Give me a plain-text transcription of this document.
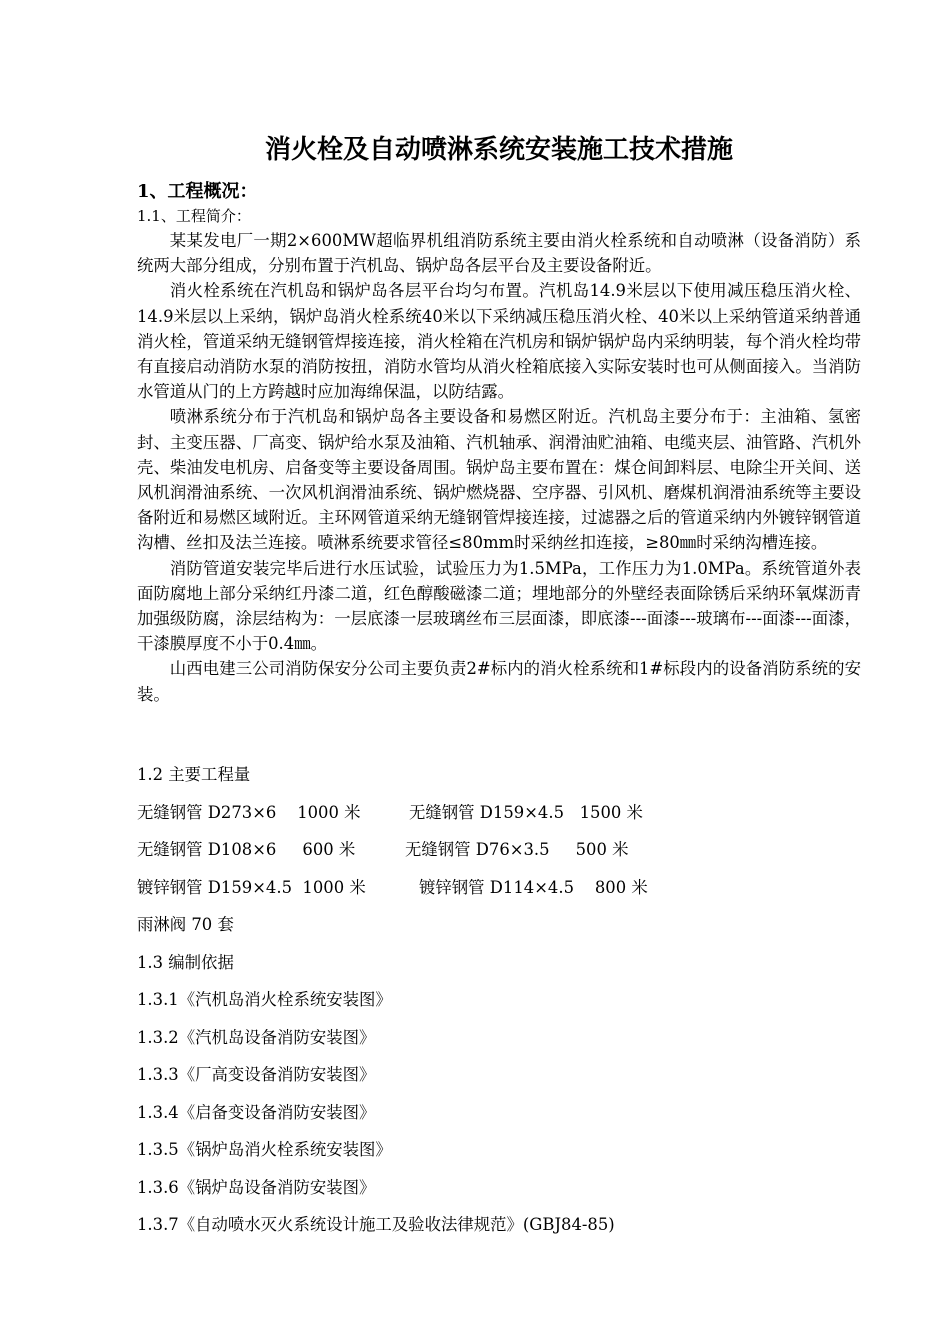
消火栓及自动喷淋系统安装施工技术措施
1、工程概况：
1.1、工程简介：

某某发电厂一期2×600MW超临界机组消防系统主要由消火栓系统和自动喷淋（设备消防）系统两大部分组成，分别布置于汽机岛、锅炉岛各层平台及主要设备附近。

消火栓系统在汽机岛和锅炉岛各层平台均匀布置。汽机岛14.9米层以下使用减压稳压消火栓、14.9米层以上采纳，锅炉岛消火栓系统40米以下采纳减压稳压消火栓、40米以上采纳管道采纳普通消火栓，管道采纳无缝钢管焊接连接，消火栓箱在汽机房和锅炉锅炉岛内采纳明装，每个消火栓均带有直接启动消防水泵的消防按扭，消防水管均从消火栓箱底接入实际安装时也可从侧面接入。当消防水管道从门的上方跨越时应加海绵保温，以防结露。

喷淋系统分布于汽机岛和锅炉岛各主要设备和易燃区附近。汽机岛主要分布于：主油箱、氢密封、主变压器、厂高变、锅炉给水泵及油箱、汽机轴承、润滑油贮油箱、电缆夹层、油管路、汽机外壳、柴油发电机房、启备变等主要设备周围。锅炉岛主要布置在：煤仓间卸料层、电除尘开关间、送风机润滑油系统、一次风机润滑油系统、锅炉燃烧器、空序器、引风机、磨煤机润滑油系统等主要设备附近和易燃区域附近。主环网管道采纳无缝钢管焊接连接，过滤器之后的管道采纳内外镀锌钢管道沟槽、丝扣及法兰连接。喷淋系统要求管径≤80mm时采纳丝扣连接，≥80㎜时采纳沟槽连接。

消防管道安装完毕后进行水压试验，试验压力为1.5MPa，工作压力为1.0MPa。系统管道外表面防腐地上部分采纳红丹漆二道，红色醇酸磁漆二道；埋地部分的外壁经表面除锈后采纳环氧煤沥青加强级防腐，涂层结构为：一层底漆一层玻璃丝布三层面漆，即底漆---面漆---玻璃布---面漆---面漆，干漆膜厚度不小于0.4㎜。

山西电建三公司消防保安分公司主要负责2#标内的消火栓系统和1#标段内的设备消防系统的安装。

1.2 主要工程量
无缝钢管 D273×6    1000 米	无缝钢管 D159×4.5   1500 米
无缝钢管 D108×6     600 米	无缝钢管 D76×3.5     500 米
镀锌钢管 D159×4.5  1000 米	镀锌钢管 D114×4.5    800 米
雨淋阀 70 套
1.3 编制依据
1.3.1《汽机岛消火栓系统安装图》
1.3.2《汽机岛设备消防安装图》
1.3.3《厂高变设备消防安装图》
1.3.4《启备变设备消防安装图》
1.3.5《锅炉岛消火栓系统安装图》
1.3.6《锅炉岛设备消防安装图》
1.3.7《自动喷水灭火系统设计施工及验收法律规范》(GBJ84-85)
